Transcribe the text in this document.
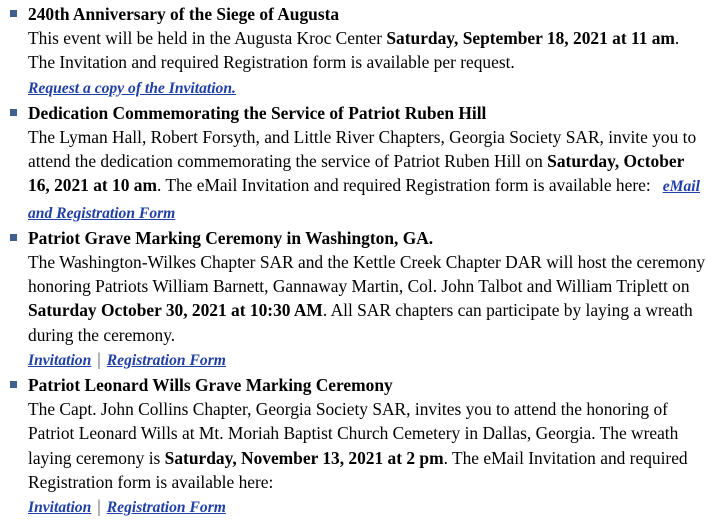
240th Anniversary of the Siege of Augusta
This event will be held in the Augusta Kroc Center Saturday, September 18, 2021 at 11 am. The Invitation and required Registration form is available per request.
Request a copy of the Invitation.
Dedication Commemorating the Service of Patriot Ruben Hill
The Lyman Hall, Robert Forsyth, and Little River Chapters, Georgia Society SAR, invite you to attend the dedication commemorating the service of Patriot Ruben Hill on Saturday, October 16, 2021 at 10 am. The eMail Invitation and required Registration form is available here: eMail and Registration Form
Patriot Grave Marking Ceremony in Washington, GA.
The Washington-Wilkes Chapter SAR and the Kettle Creek Chapter DAR will host the ceremony honoring Patriots William Barnett, Gannaway Martin, Col. John Talbot and William Triplett on Saturday October 30, 2021 at 10:30 AM. All SAR chapters can participate by laying a wreath during the ceremony.
Invitation | Registration Form
Patriot Leonard Wills Grave Marking Ceremony
The Capt. John Collins Chapter, Georgia Society SAR, invites you to attend the honoring of Patriot Leonard Wills at Mt. Moriah Baptist Church Cemetery in Dallas, Georgia. The wreath laying ceremony is Saturday, November 13, 2021 at 2 pm. The eMail Invitation and required Registration form is available here:
Invitation | Registration Form
